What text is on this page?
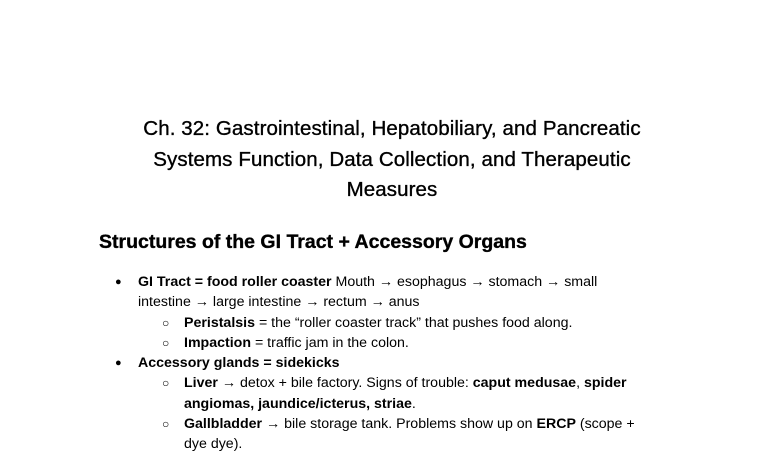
Ch. 32: Gastrointestinal, Hepatobiliary, and Pancreatic
Systems Function, Data Collection, and Therapeutic
Measures
Structures of the GI Tract + Accessory Organs
● GI Tract = food roller coaster Mouth → esophagus → stomach → small
intestine → large intestine → rectum → anus
○ Peristalsis = the “roller coaster track” that pushes food along.
○ Impaction = traffic jam in the colon.
● Accessory glands = sidekicks
○ Liver → detox + bile factory. Signs of trouble: caput medusae, spider
angiomas, jaundice/icterus, striae.
○ Gallbladder → bile storage tank. Problems show up on ERCP (scope +
dye dye).
